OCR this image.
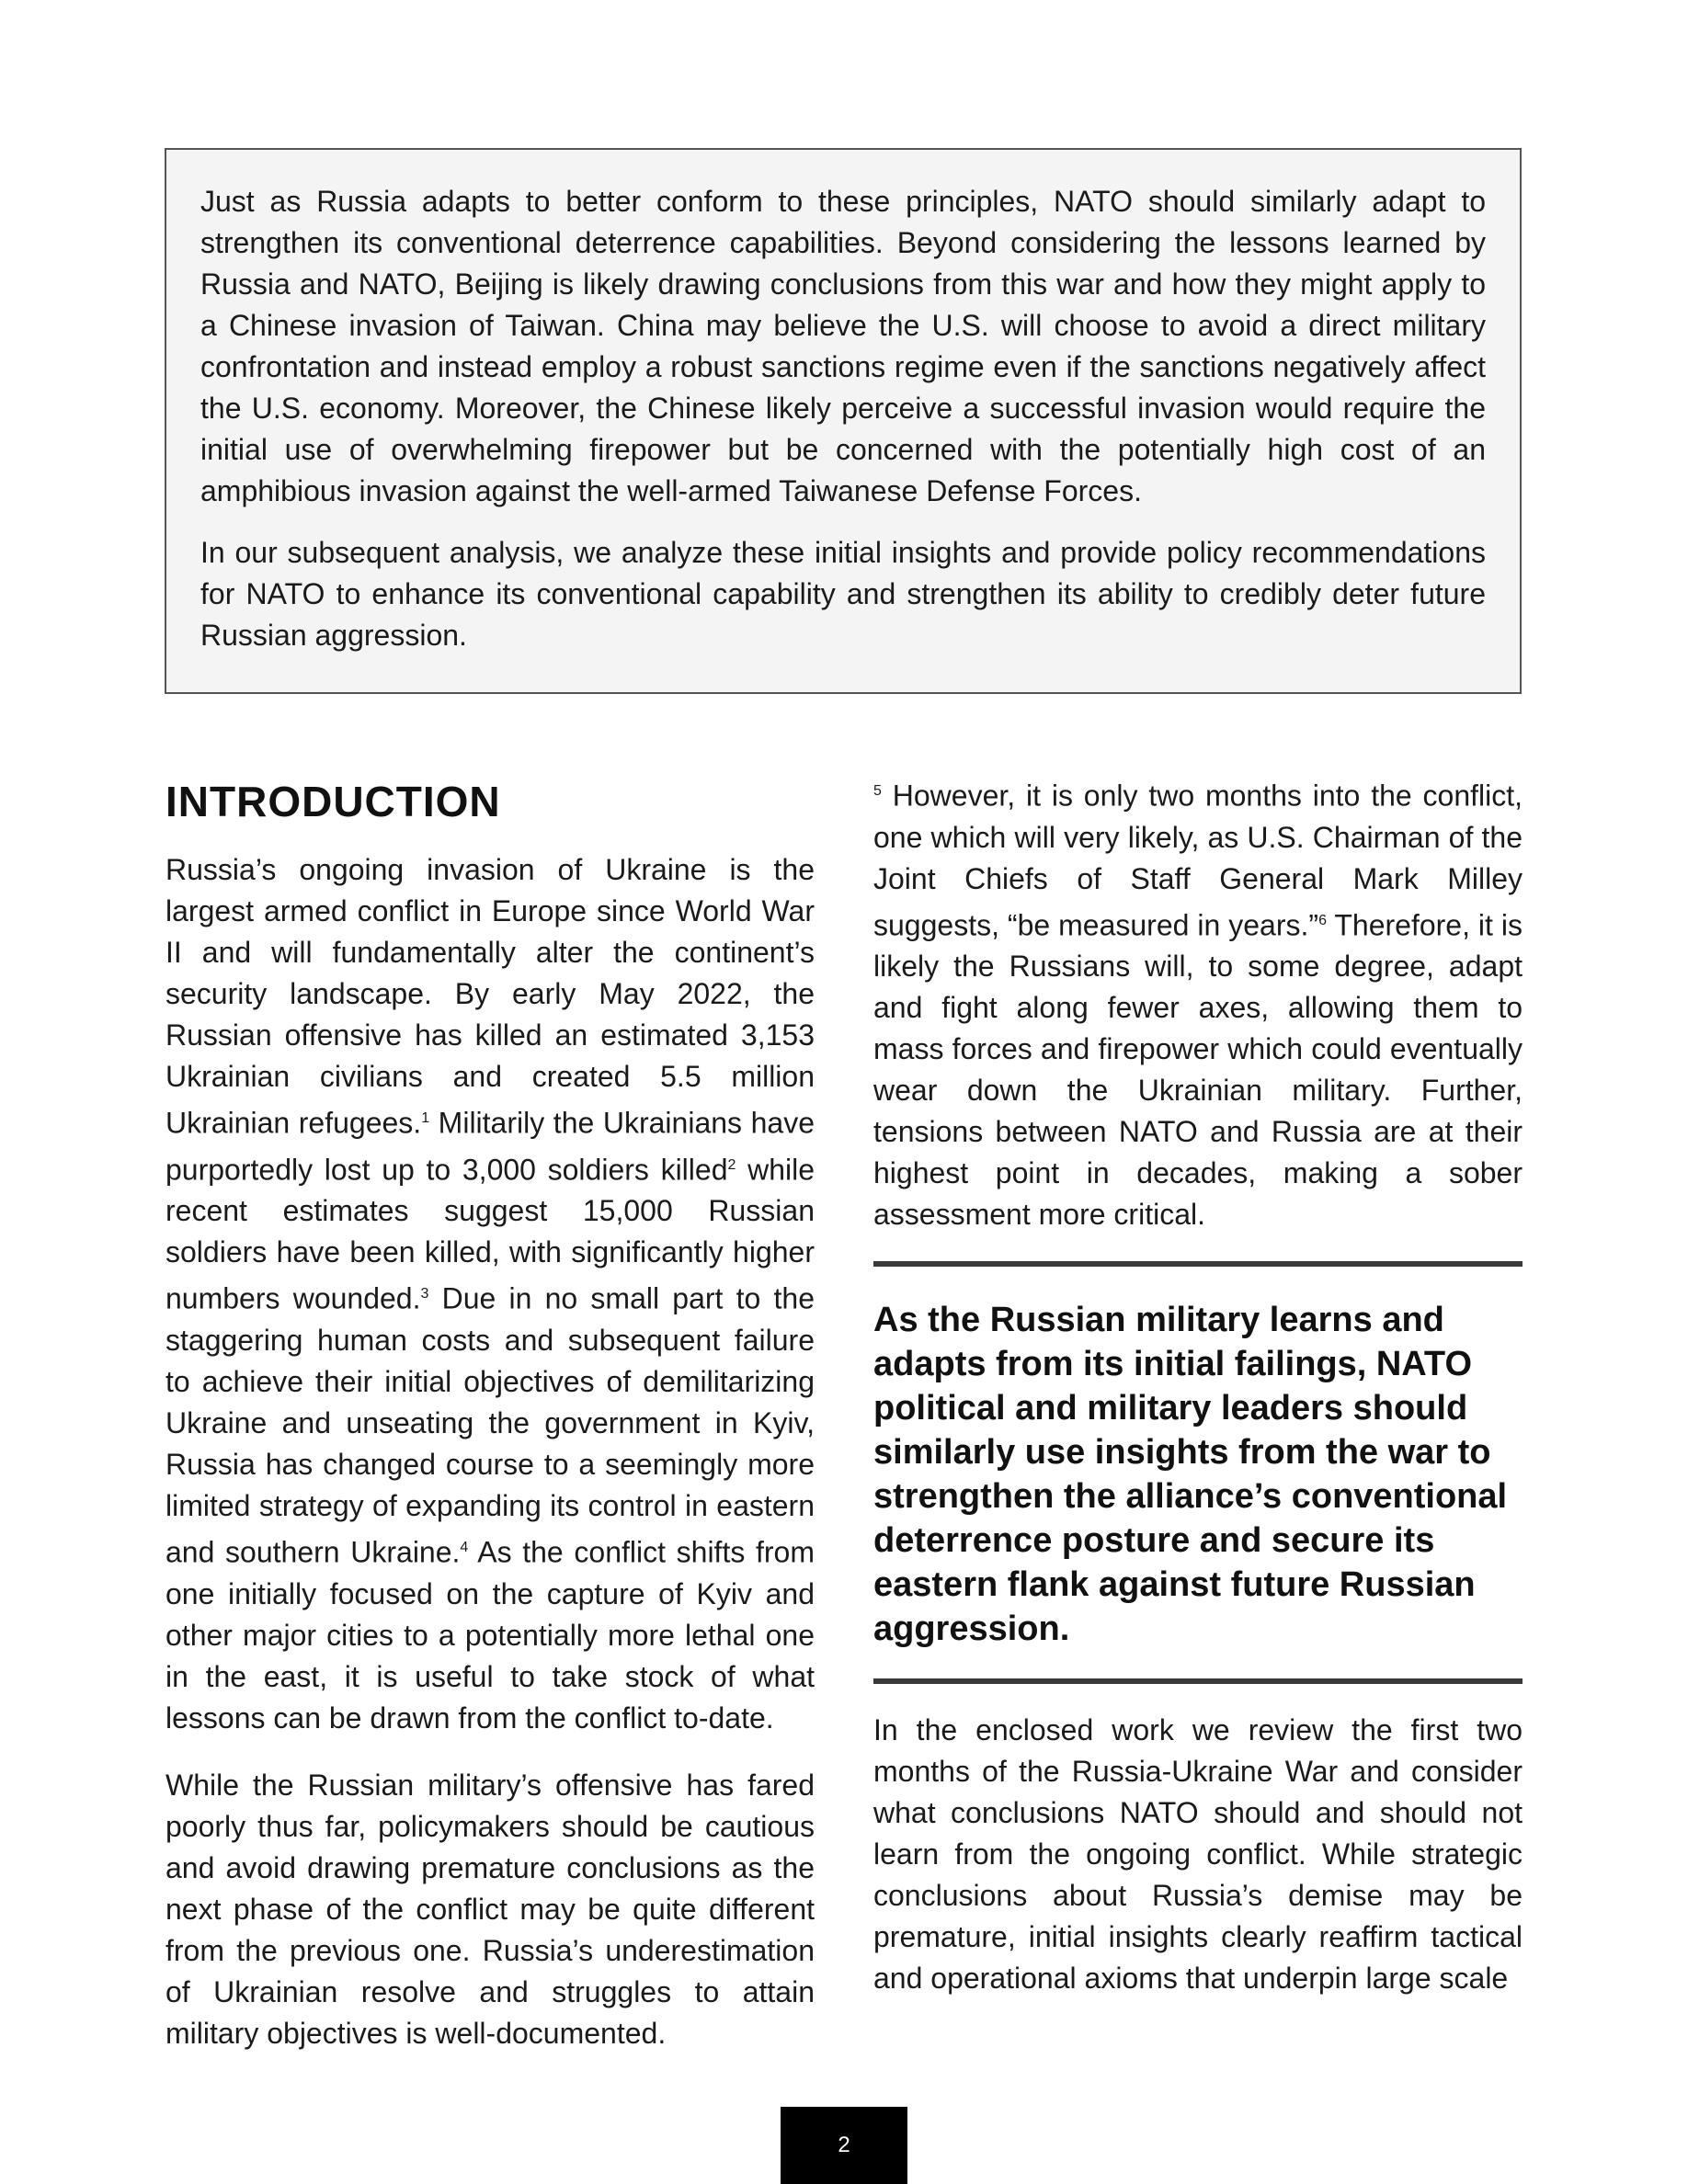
Just as Russia adapts to better conform to these principles, NATO should similarly adapt to strengthen its conventional deterrence capabilities. Beyond considering the lessons learned by Russia and NATO, Beijing is likely drawing conclusions from this war and how they might apply to a Chinese invasion of Taiwan. China may believe the U.S. will choose to avoid a direct military confrontation and instead employ a robust sanctions regime even if the sanctions negatively affect the U.S. economy. Moreover, the Chinese likely perceive a successful invasion would require the initial use of overwhelming firepower but be concerned with the potentially high cost of an amphibious invasion against the well-armed Taiwanese Defense Forces.

In our subsequent analysis, we analyze these initial insights and provide policy recommendations for NATO to enhance its conventional capability and strengthen its ability to credibly deter future Russian aggression.

INTRODUCTION

Russia’s ongoing invasion of Ukraine is the largest armed conflict in Europe since World War II and will fundamentally alter the continent’s security landscape. By early May 2022, the Russian offensive has killed an estimated 3,153 Ukrainian civilians and created 5.5 million Ukrainian refugees.$^1$ Militarily the Ukrainians have purportedly lost up to 3,000 soldiers killed$^2$ while recent estimates suggest 15,000 Russian soldiers have been killed, with significantly higher numbers wounded.$^3$ Due in no small part to the staggering human costs and subsequent failure to achieve their initial objectives of demilitarizing Ukraine and unseating the government in Kyiv, Russia has changed course to a seemingly more limited strategy of expanding its control in eastern and southern Ukraine.$^4$ As the conflict shifts from one initially focused on the capture of Kyiv and other major cities to a potentially more lethal one in the east, it is useful to take stock of what lessons can be drawn from the conflict to-date.

While the Russian military’s offensive has fared poorly thus far, policymakers should be cautious and avoid drawing premature conclusions as the next phase of the conflict may be quite different from the previous one. Russia’s underestimation of Ukrainian resolve and struggles to attain military objectives is well-documented.

$^5$ However, it is only two months into the conflict, one which will very likely, as U.S. Chairman of the Joint Chiefs of Staff General Mark Milley suggests, “be measured in years.”$^6$ Therefore, it is likely the Russians will, to some degree, adapt and fight along fewer axes, allowing them to mass forces and firepower which could eventually wear down the Ukrainian military. Further, tensions between NATO and Russia are at their highest point in decades, making a sober assessment more critical.

As the Russian military learns and adapts from its initial failings, NATO political and military leaders should similarly use insights from the war to strengthen the alliance’s conventional deterrence posture and secure its eastern flank against future Russian aggression.

In the enclosed work we review the first two months of the Russia-Ukraine War and consider what conclusions NATO should and should not learn from the ongoing conflict. While strategic conclusions about Russia’s demise may be premature, initial insights clearly reaffirm tactical and operational axioms that underpin large scale

2
